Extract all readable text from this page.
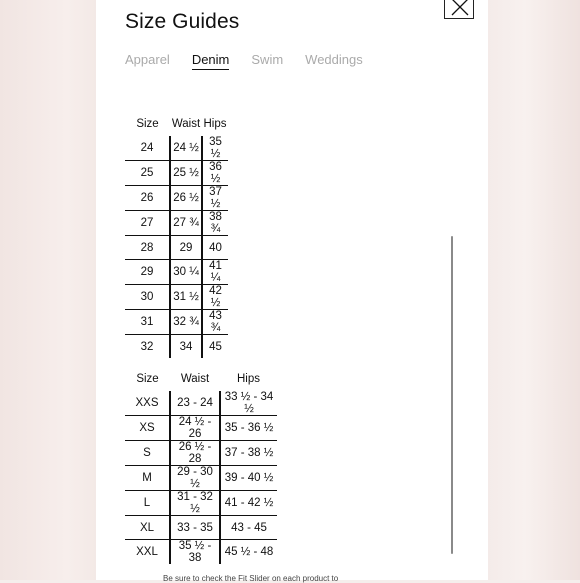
Size Guides
Apparel Denim Swim Weddings
Size	Waist	Hips
24	24 ½	35 ½
25	25 ½	36 ½
26	26 ½	37 ½
27	27 ¾	38 ¾
28	29	40
29	30 ¼	41 ¼
30	31 ½	42 ½
31	32 ¾	43 ¾
32	34	45
Size	Waist	Hips
XXS	23 - 24	33 ½ - 34 ½
XS	24 ½ - 26	35 - 36 ½
S	26 ½ - 28	37 - 38 ½
M	29 - 30 ½	39 - 40 ½
L	31 - 32 ½	41 - 42 ½
XL	33 - 35	43 - 45
XXL	35 ½ - 38	45 ½ - 48
Be sure to check the Fit Slider on each product to
